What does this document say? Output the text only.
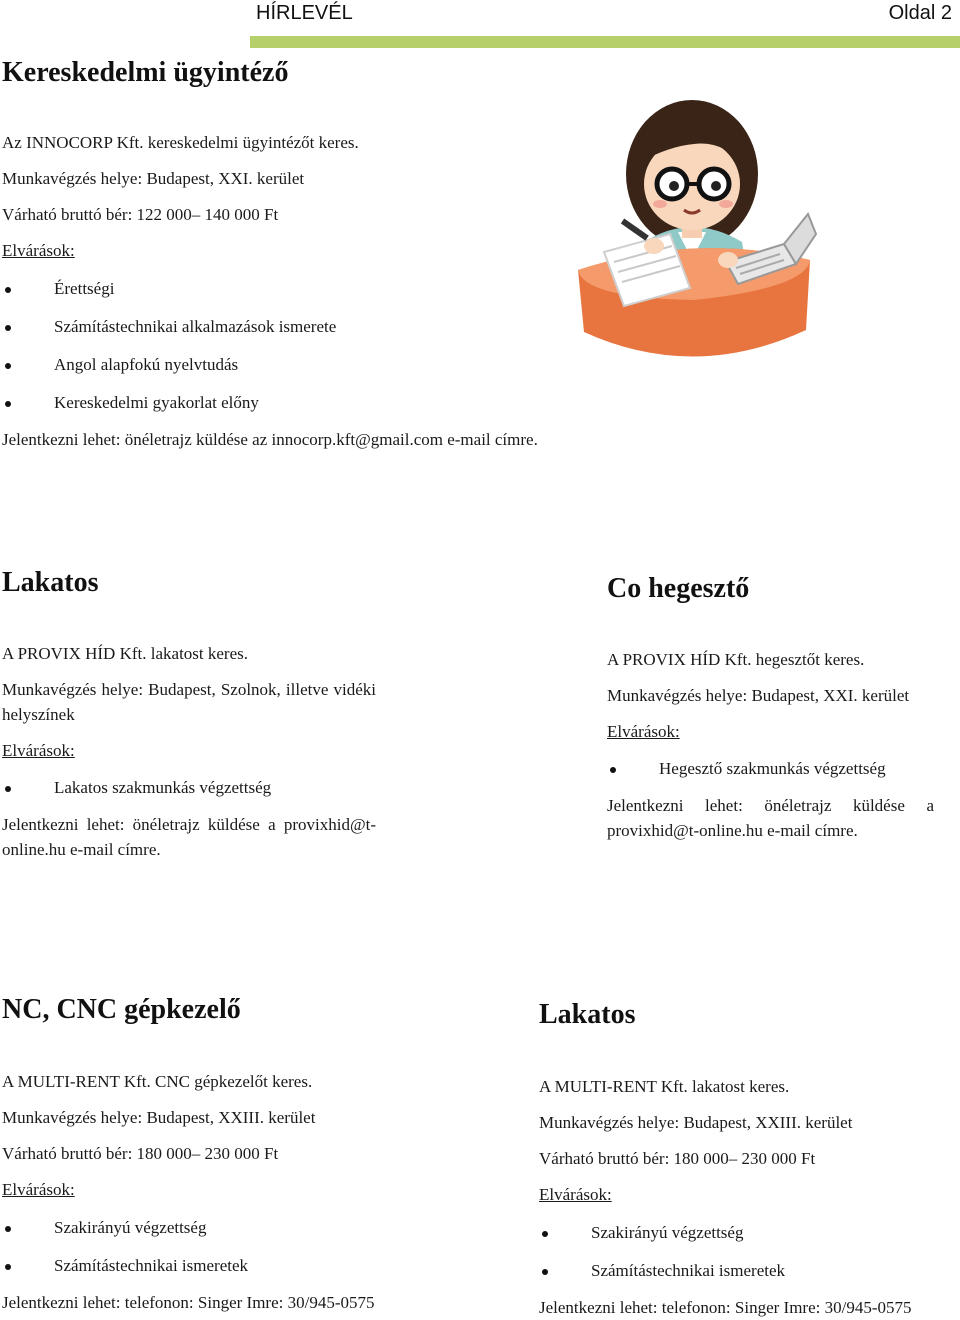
HÍRLEVÉL	Oldal 2
Kereskedelmi ügyintéző

Az INNOCORP Kft. kereskedelmi ügyintézőt keres.

Munkavégzés helye: Budapest, XXI. kerület

Várható bruttó bér: 122 000– 140 000 Ft

Elvárások:

Érettségi
Számítástechnikai alkalmazások ismerete
Angol alapfokú nyelvtudás
Kereskedelmi gyakorlat előny

Jelentkezni lehet: önéletrajz küldése az innocorp.kft@gmail.com e-mail címre.

Lakatos

A PROVIX HÍD Kft. lakatost keres.

Munkavégzés helye: Budapest, Szolnok, illetve vidéki helyszínek

Elvárások:

Lakatos szakmunkás végzettség

Jelentkezni lehet: önéletrajz küldése a provixhid@t-online.hu e-mail címre.

Co hegesztő

A PROVIX HÍD Kft. hegesztőt keres.

Munkavégzés helye: Budapest, XXI. kerület

Elvárások:

Hegesztő szakmunkás végzettség

Jelentkezni lehet: önéletrajz küldése a provixhid@t-online.hu e-mail címre.

NC, CNC gépkezelő

A MULTI-RENT Kft. CNC gépkezelőt keres.

Munkavégzés helye: Budapest, XXIII. kerület

Várható bruttó bér: 180 000– 230 000 Ft

Elvárások:

Szakirányú végzettség
Számítástechnikai ismeretek

Jelentkezni lehet: telefonon: Singer Imre: 30/945-0575

Lakatos

A MULTI-RENT Kft. lakatost keres.

Munkavégzés helye: Budapest, XXIII. kerület

Várható bruttó bér: 180 000– 230 000 Ft

Elvárások:

Szakirányú végzettség
Számítástechnikai ismeretek

Jelentkezni lehet: telefonon: Singer Imre: 30/945-0575
